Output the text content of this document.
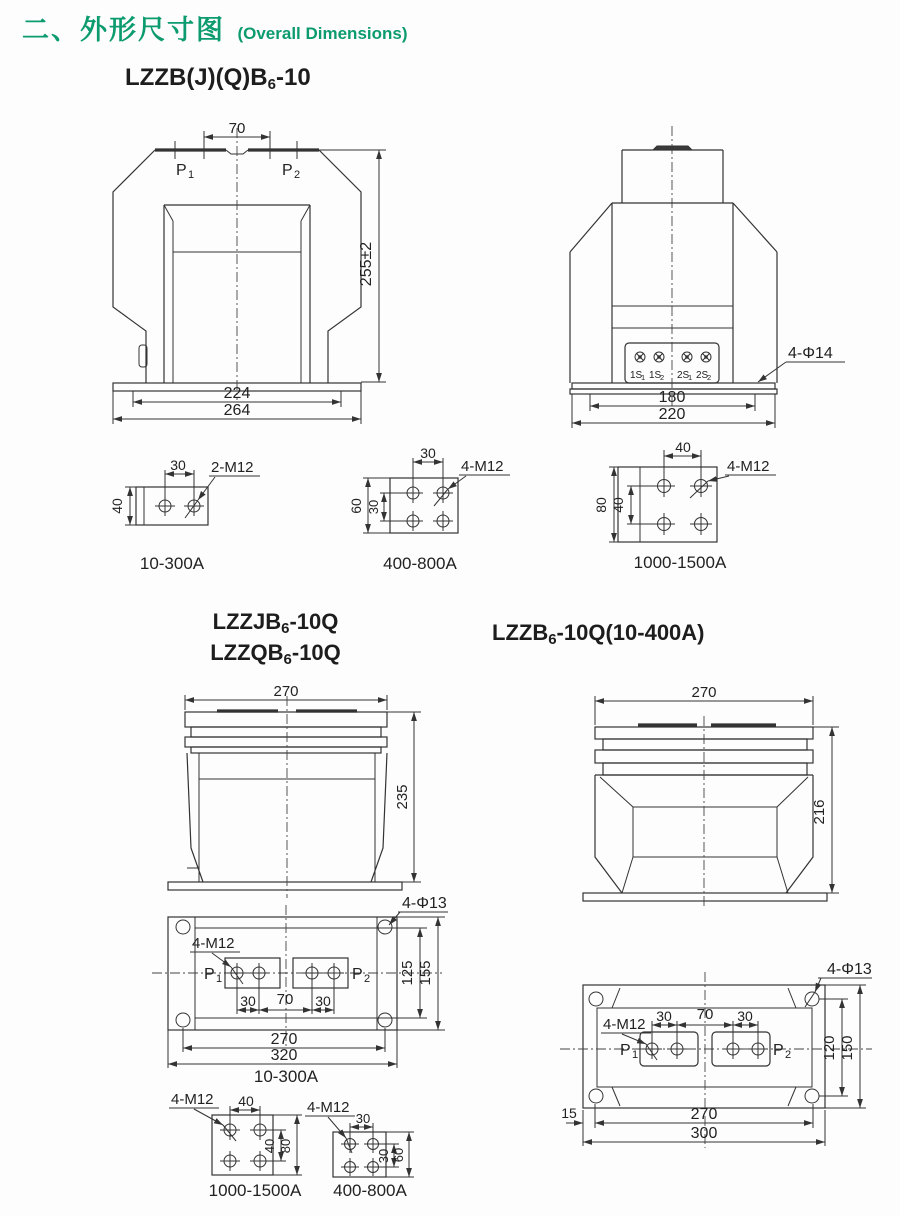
二、外形尺寸图 (Overall Dimensions)
$LZZB(J)(Q)B_6-10$
$LZZJB_6-10Q$
$LZZQB_6-10Q$
$LZZB_6-10Q(10-400A)$
70
P 1	P 2
255±2
224
264
1S
1 1S
2 2S
1 2S
2
4-Φ14
180
220
30 2-M12
40
10-300A
30
4-M12
60 30
400-800A
40
4-M12
80 40
1000-1500A
270
235
4-Φ13
P 1	P 2
4-M12
30 70 30
125 155
270
320
10-300A
270
216
P 1	P 2
4-M12 30 70 30
4-Φ13
120 150
15	270
300
4-M12 40
40 80
1000-1500A
4-M12
30
30 60
400-800A
